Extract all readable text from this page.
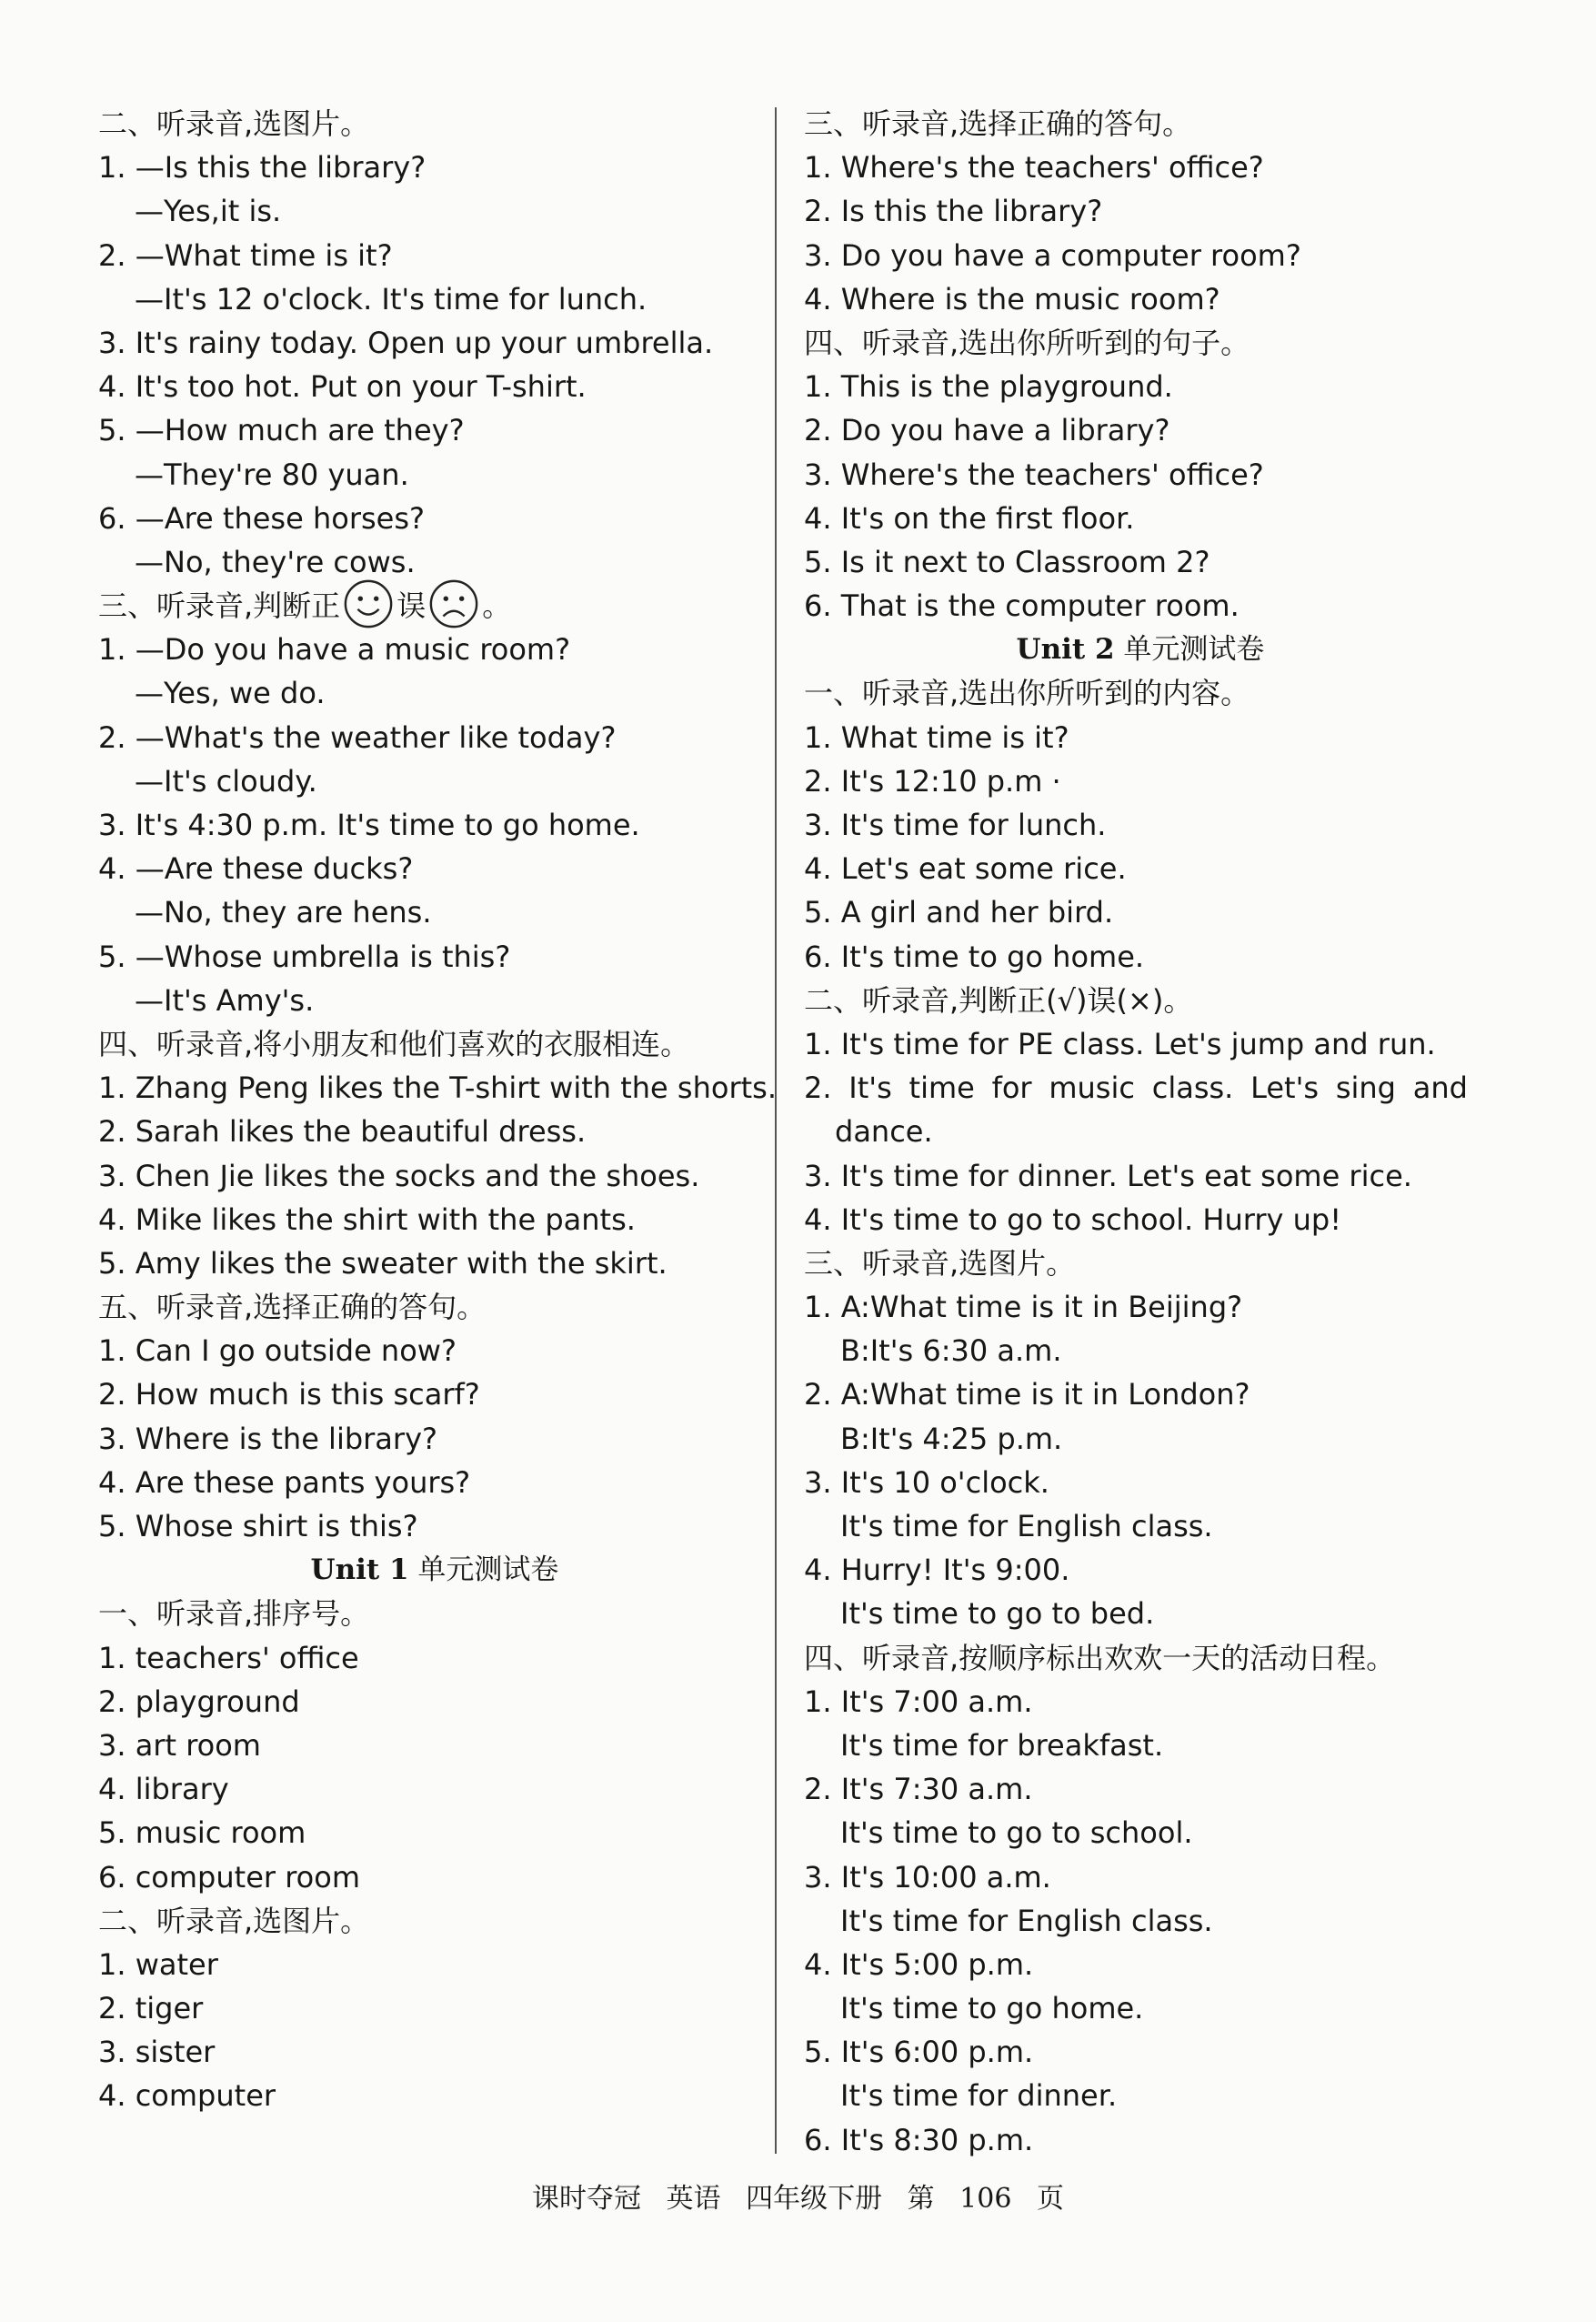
二、听录音,选图片。
1. —Is this the library?
—Yes,it is.
2. —What time is it?
—It's 12 o'clock. It's time for lunch.
3. It's rainy today. Open up your umbrella.
4. It's too hot. Put on your T-shirt.
5. —How much are they?
—They're 80 yuan.
6. —Are these horses?
—No, they're cows.
三、听录音,判断正 误 。
1. —Do you have a music room?
—Yes, we do.
2. —What's the weather like today?
—It's cloudy.
3. It's 4:30 p.m. It's time to go home.
4. —Are these ducks?
—No, they are hens.
5. —Whose umbrella is this?
—It's Amy's.
四、听录音,将小朋友和他们喜欢的衣服相连。
1. Zhang Peng likes the T-shirt with the shorts.
2. Sarah likes the beautiful dress.
3. Chen Jie likes the socks and the shoes.
4. Mike likes the shirt with the pants.
5. Amy likes the sweater with the skirt.
五、听录音,选择正确的答句。
1. Can I go outside now?
2. How much is this scarf?
3. Where is the library?
4. Are these pants yours?
5. Whose shirt is this?
Unit 1 单元测试卷
一、听录音,排序号。
1. teachers' office
2. playground
3. art room
4. library
5. music room
6. computer room
二、听录音,选图片。
1. water
2. tiger
3. sister
4. computer
三、听录音,选择正确的答句。
1. Where's the teachers' office?
2. Is this the library?
3. Do you have a computer room?
4. Where is the music room?
四、听录音,选出你所听到的句子。
1. This is the playground.
2. Do you have a library?
3. Where's the teachers' office?
4. It's on the first floor.
5. Is it next to Classroom 2?
6. That is the computer room.
Unit 2 单元测试卷
一、听录音,选出你所听到的内容。
1. What time is it?
2. It's 12:10 p.m ·
3. It's time for lunch.
4. Let's eat some rice.
5. A girl and her bird.
6. It's time to go home.
二、听录音,判断正(√)误(×)。
1. It's time for PE class. Let's jump and run.
2. It's time for music class. Let's sing and
dance.
3. It's time for dinner. Let's eat some rice.
4. It's time to go to school. Hurry up!
三、听录音,选图片。
1. A:What time is it in Beijing?
B:It's 6:30 a.m.
2. A:What time is it in London?
B:It's 4:25 p.m.
3. It's 10 o'clock.
It's time for English class.
4. Hurry! It's 9:00.
It's time to go to bed.
四、听录音,按顺序标出欢欢一天的活动日程。
1. It's 7:00 a.m.
It's time for breakfast.
2. It's 7:30 a.m.
It's time to go to school.
3. It's 10:00 a.m.
It's time for English class.
4. It's 5:00 p.m.
It's time to go home.
5. It's 6:00 p.m.
It's time for dinner.
6. It's 8:30 p.m.
课时夺冠 英语 四年级下册 第 106 页
